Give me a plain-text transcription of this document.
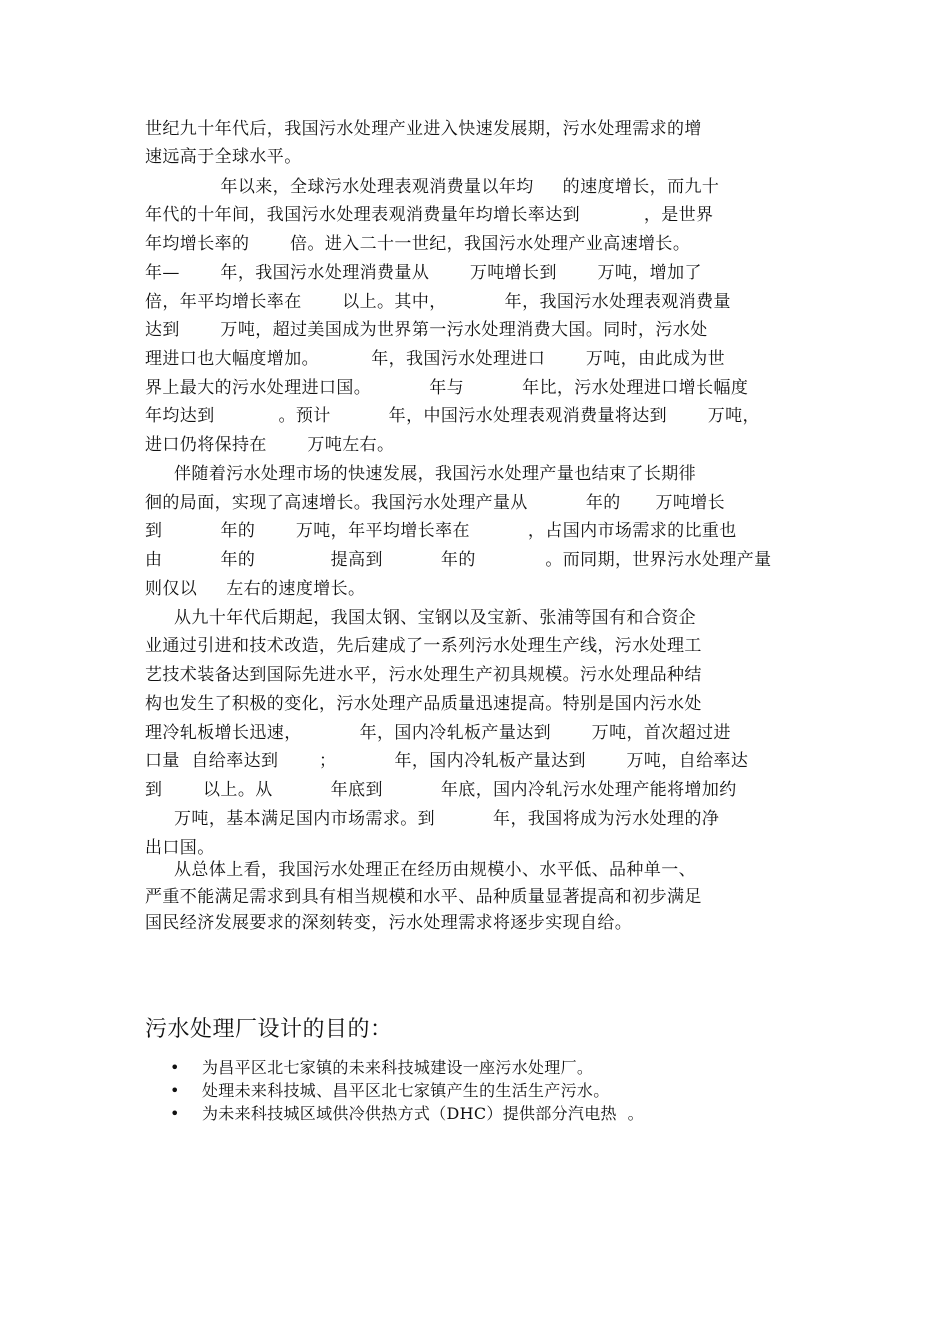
世纪九十年代后，我国污水处理产业进入快速发展期，污水处理需求的增
速远高于全球水平。
年以来，全球污水处理表观消费量以年均     的速度增长，而九十
年代的十年间，我国污水处理表观消费量年均增长率达到           ，是世界
年均增长率的       倍。进入二十一世纪，我国污水处理产业高速增长。
年—       年，我国污水处理消费量从       万吨增长到       万吨，增加了
倍，年平均增长率在       以上。其中，          年，我国污水处理表观消费量
达到       万吨，超过美国成为世界第一污水处理消费大国。同时，污水处
理进口也大幅度增加。         年，我国污水处理进口       万吨，由此成为世
界上最大的污水处理进口国。          年与          年比，污水处理进口增长幅度
年均达到           。预计          年，中国污水处理表观消费量将达到       万吨，
进口仍将保持在       万吨左右。
伴随着污水处理市场的快速发展，我国污水处理产量也结束了长期徘
徊的局面，实现了高速增长。我国污水处理产量从          年的      万吨增长
到          年的       万吨，年平均增长率在          ，占国内市场需求的比重也
由          年的             提高到          年的            。而同期，世界污水处理产量
则仅以     左右的速度增长。
从九十年代后期起，我国太钢、宝钢以及宝新、张浦等国有和合资企
业通过引进和技术改造，先后建成了一系列污水处理生产线，污水处理工
艺技术装备达到国际先进水平，污水处理生产初具规模。污水处理品种结
构也发生了积极的变化，污水处理产品质量迅速提高。特别是国内污水处
理冷轧板增长迅速，          年，国内冷轧板产量达到       万吨，首次超过进
口量  自给率达到       ；          年，国内冷轧板产量达到       万吨，自给率达
到       以上。从          年底到          年底，国内冷轧污水处理产能将增加约
万吨，基本满足国内市场需求。到          年，我国将成为污水处理的净
出口国。
从总体上看，我国污水处理正在经历由规模小、水平低、品种单一、
严重不能满足需求到具有相当规模和水平、品种质量显著提高和初步满足
国民经济发展要求的深刻转变，污水处理需求将逐步实现自给。
污水处理厂设计的目的：

•

为昌平区北七家镇的未来科技城建设一座污水处理厂。

•

处理未来科技城、昌平区北七家镇产生的生活生产污水。

•

为未来科技城区域供冷供热方式（DHC）提供部分汽电热  。
